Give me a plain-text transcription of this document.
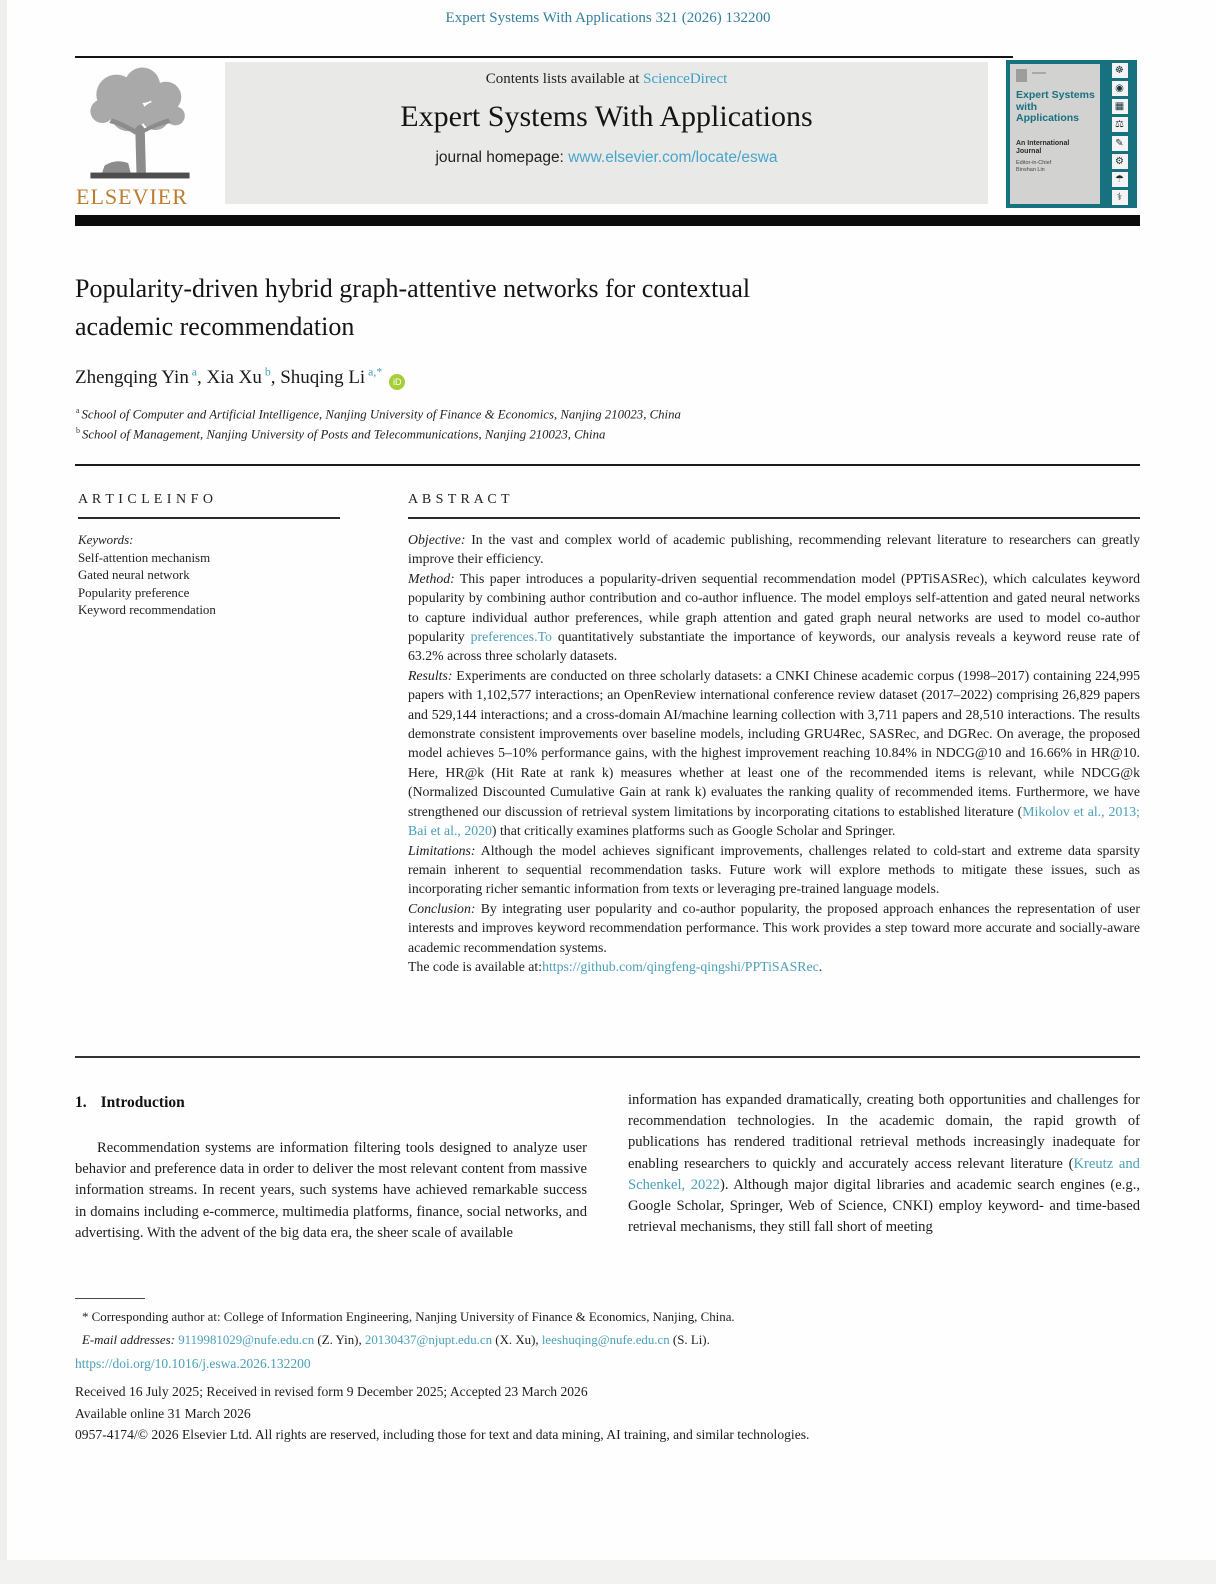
Expert Systems With Applications 321 (2026) 132200
ELSEVIER
Contents lists available at ScienceDirect
Expert Systems With Applications
journal homepage: www.elsevier.com/locate/eswa
Expert Systems with Applications
An International Journal
Editor-in-Chief
Binshan Lin
☸
◉
▦
⚖
✎
⚙
☂
⚕
Popularity-driven hybrid graph-attentive networks for contextual
academic recommendation
Zhengqing Yin $^a$, Xia Xu $^b$, Shuqing Li $^{a,*}$iD
$^a$ School of Computer and Artificial Intelligence, Nanjing University of Finance & Economics, Nanjing 210023, China
$^b$ School of Management, Nanjing University of Posts and Telecommunications, Nanjing 210023, China
A R T I C L E I N F O
Keywords:
Self-attention mechanism
Gated neural network
Popularity preference
Keyword recommendation
A B S T R A C T

Objective: In the vast and complex world of academic publishing, recommending relevant literature to researchers can greatly improve their efficiency.

Method: This paper introduces a popularity-driven sequential recommendation model (PPTiSASRec), which calculates keyword popularity by combining author contribution and co-author influence. The model employs self-attention and gated neural networks to capture individual author preferences, while graph attention and gated graph neural networks are used to model co-author popularity preferences.To quantitatively substantiate the importance of keywords, our analysis reveals a keyword reuse rate of 63.2% across three scholarly datasets.

Results: Experiments are conducted on three scholarly datasets: a CNKI Chinese academic corpus (1998–2017) containing 224,995 papers with 1,102,577 interactions; an OpenReview international conference review dataset (2017–2022) comprising 26,829 papers and 529,144 interactions; and a cross-domain AI/machine learning collection with 3,711 papers and 28,510 interactions. The results demonstrate consistent improvements over baseline models, including GRU4Rec, SASRec, and DGRec. On average, the proposed model achieves 5–10% performance gains, with the highest improvement reaching 10.84% in NDCG@10 and 16.66% in HR@10. Here, HR@k (Hit Rate at rank k) measures whether at least one of the recommended items is relevant, while NDCG@k (Normalized Discounted Cumulative Gain at rank k) evaluates the ranking quality of recommended items. Furthermore, we have strengthened our discussion of retrieval system limitations by incorporating citations to established literature (Mikolov et al., 2013; Bai et al., 2020) that critically examines platforms such as Google Scholar and Springer.

Limitations: Although the model achieves significant improvements, challenges related to cold-start and extreme data sparsity remain inherent to sequential recommendation tasks. Future work will explore methods to mitigate these issues, such as incorporating richer semantic information from texts or leveraging pre-trained language models.

Conclusion: By integrating user popularity and co-author popularity, the proposed approach enhances the representation of user interests and improves keyword recommendation performance. This work provides a step toward more accurate and socially-aware academic recommendation systems.

The code is available at:https://github.com/qingfeng-qingshi/PPTiSASRec.

1. Introduction
Recommendation systems are information filtering tools designed to analyze user behavior and preference data in order to deliver the most relevant content from massive information streams. In recent years, such systems have achieved remarkable success in domains including e-commerce, multimedia platforms, finance, social networks, and advertising. With the advent of the big data era, the sheer scale of available
information has expanded dramatically, creating both opportunities and challenges for recommendation technologies. In the academic domain, the rapid growth of publications has rendered traditional retrieval methods increasingly inadequate for enabling researchers to quickly and accurately access relevant literature (Kreutz and Schenkel, 2022). Although major digital libraries and academic search engines (e.g., Google Scholar, Springer, Web of Science, CNKI) employ keyword- and time-based retrieval mechanisms, they still fall short of meeting
* Corresponding author at: College of Information Engineering, Nanjing University of Finance & Economics, Nanjing, China.
E-mail addresses: 9119981029@nufe.edu.cn (Z. Yin), 20130437@njupt.edu.cn (X. Xu), leeshuqing@nufe.edu.cn (S. Li).
https://doi.org/10.1016/j.eswa.2026.132200
Received 16 July 2025; Received in revised form 9 December 2025; Accepted 23 March 2026
Available online 31 March 2026
0957-4174/© 2026 Elsevier Ltd. All rights are reserved, including those for text and data mining, AI training, and similar technologies.
